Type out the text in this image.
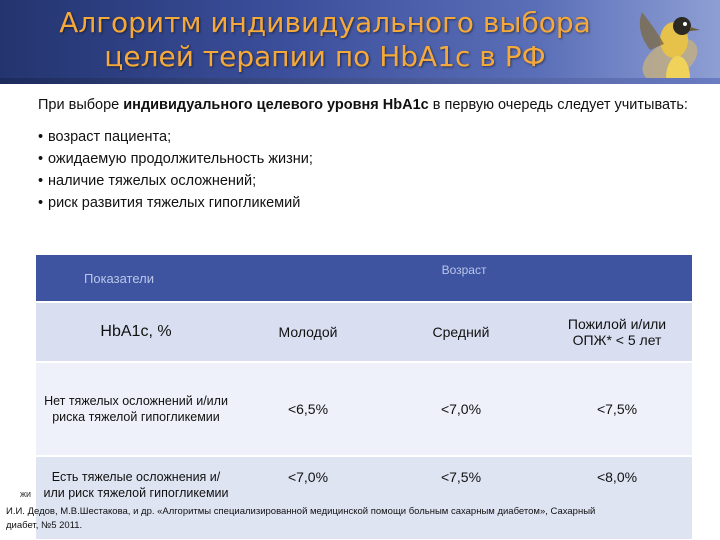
Алгоритм индивидуального выбора целей терапии по HbA1c в РФ
При выборе индивидуального целевого уровня HbA1c в первую очередь следует учитывать:
• возраст пациента;
• ожидаемую продолжительность жизни;
• наличие тяжелых осложнений;
• риск развития тяжелых гипогликемий
Показатели	Возраст		
HbA1c, %	Молодой	Средний	Пожилой и/или ОПЖ* < 5 лет
Нет тяжелых осложнений и/или риска тяжелой гипогликемии	<6,5%	<7,0%	<7,5%
Есть тяжелые осложнения и/или риск тяжелой гипогликемии	<7,0%	<7,5%	<8,0%
жи
И.И. Дедов, М.В.Шестакова, и др. «Алгоритмы специализированной медицинской помощи больным сахарным диабетом», Сахарный диабет, №5 2011.
